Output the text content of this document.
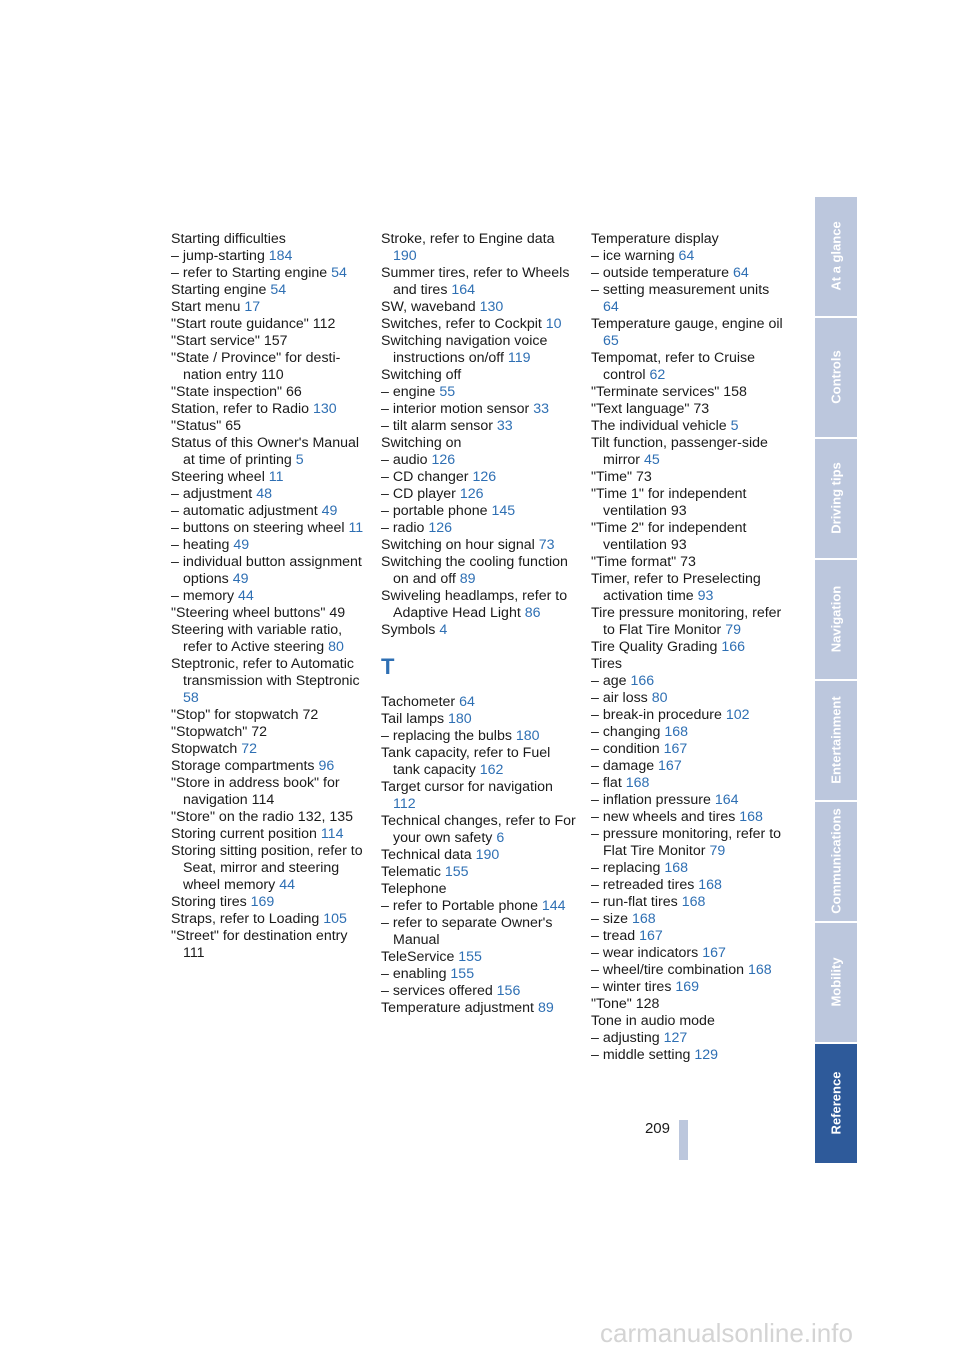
Starting difficulties
– jump-starting 184
– refer to Starting engine 54
Starting engine 54
Start menu 17
"Start route guidance" 112
"Start service" 157
"State / Province" for desti-nation entry 110
"State inspection" 66
Station, refer to Radio 130
"Status" 65
Status of this Owner's Manual at time of printing 5
Steering wheel 11
– adjustment 48
– automatic adjustment 49
– buttons on steering wheel 11
– heating 49
– individual button assignment options 49
– memory 44
"Steering wheel buttons" 49
Steering with variable ratio, refer to Active steering 80
Steptronic, refer to Automatic transmission with Steptronic 58
"Stop" for stopwatch 72
"Stopwatch" 72
Stopwatch 72
Storage compartments 96
"Store in address book" for navigation 114
"Store" on the radio 132, 135
Storing current position 114
Storing sitting position, refer to Seat, mirror and steering wheel memory 44
Storing tires 169
Straps, refer to Loading 105
"Street" for destination entry 111
Stroke, refer to Engine data 190
Summer tires, refer to Wheels and tires 164
SW, waveband 130
Switches, refer to Cockpit 10
Switching navigation voice instructions on/off 119
Switching off
– engine 55
– interior motion sensor 33
– tilt alarm sensor 33
Switching on
– audio 126
– CD changer 126
– CD player 126
– portable phone 145
– radio 126
Switching on hour signal 73
Switching the cooling function on and off 89
Swiveling headlamps, refer to Adaptive Head Light 86
Symbols 4
T
Tachometer 64
Tail lamps 180
– replacing the bulbs 180
Tank capacity, refer to Fuel tank capacity 162
Target cursor for navigation 112
Technical changes, refer to For your own safety 6
Technical data 190
Telematic 155
Telephone
– refer to Portable phone 144
– refer to separate Owner's Manual
TeleService 155
– enabling 155
– services offered 156
Temperature adjustment 89
Temperature display
– ice warning 64
– outside temperature 64
– setting measurement units 64
Temperature gauge, engine oil 65
Tempomat, refer to Cruise control 62
"Terminate services" 158
"Text language" 73
The individual vehicle 5
Tilt function, passenger-side mirror 45
"Time" 73
"Time 1" for independent ventilation 93
"Time 2" for independent ventilation 93
"Time format" 73
Timer, refer to Preselecting activation time 93
Tire pressure monitoring, refer to Flat Tire Monitor 79
Tire Quality Grading 166
Tires
– age 166
– air loss 80
– break-in procedure 102
– changing 168
– condition 167
– damage 167
– flat 168
– inflation pressure 164
– new wheels and tires 168
– pressure monitoring, refer to Flat Tire Monitor 79
– replacing 168
– retreaded tires 168
– run-flat tires 168
– size 168
– tread 167
– wear indicators 167
– wheel/tire combination 168
– winter tires 169
"Tone" 128
Tone in audio mode
– adjusting 127
– middle setting 129
At a glance
Controls
Driving tips
Navigation
Entertainment
Communications
Mobility
Reference
209
carmanualsonline.info
